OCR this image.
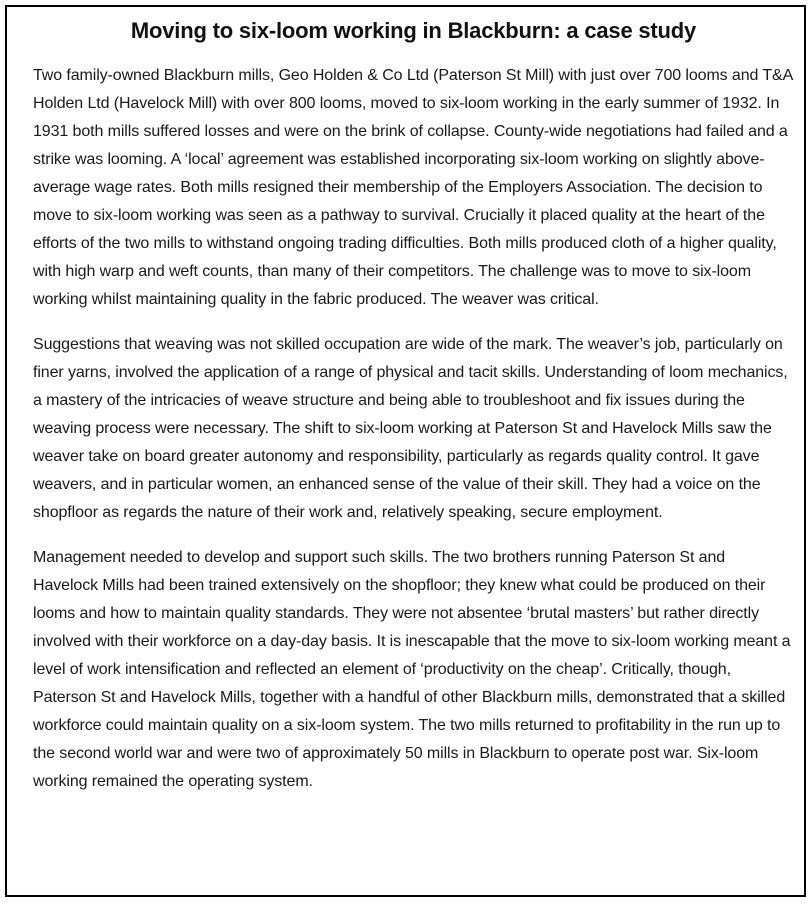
Moving to six-loom working in Blackburn: a case study

Two family-owned Blackburn mills, Geo Holden & Co Ltd (Paterson St Mill) with just over 700 looms and T&A Holden Ltd (Havelock Mill) with over 800 looms, moved to six-loom working in the early summer of 1932. In 1931 both mills suffered losses and were on the brink of collapse. County-wide negotiations had failed and a strike was looming. A ‘local’ agreement was established incorporating six-loom working on slightly above-average wage rates. Both mills resigned their membership of the Employers Association. The decision to move to six-loom working was seen as a pathway to survival. Crucially it placed quality at the heart of the efforts of the two mills to withstand ongoing trading difficulties. Both mills produced cloth of a higher quality, with high warp and weft counts, than many of their competitors. The challenge was to move to six-loom working whilst maintaining quality in the fabric produced. The weaver was critical.

Suggestions that weaving was not skilled occupation are wide of the mark. The weaver’s job, particularly on finer yarns, involved the application of a range of physical and tacit skills. Understanding of loom mechanics, a mastery of the intricacies of weave structure and being able to troubleshoot and fix issues during the weaving process were necessary. The shift to six-loom working at Paterson St and Havelock Mills saw the weaver take on board greater autonomy and responsibility, particularly as regards quality control. It gave weavers, and in particular women, an enhanced sense of the value of their skill. They had a voice on the shopfloor as regards the nature of their work and, relatively speaking, secure employment.

Management needed to develop and support such skills. The two brothers running Paterson St and Havelock Mills had been trained extensively on the shopfloor; they knew what could be produced on their looms and how to maintain quality standards. They were not absentee ‘brutal masters’ but rather directly involved with their workforce on a day-day basis. It is inescapable that the move to six-loom working meant a level of work intensification and reflected an element of ‘productivity on the cheap’. Critically, though, Paterson St and Havelock Mills, together with a handful of other Blackburn mills, demonstrated that a skilled workforce could maintain quality on a six-loom system. The two mills returned to profitability in the run up to the second world war and were two of approximately 50 mills in Blackburn to operate post war. Six-loom working remained the operating system.
